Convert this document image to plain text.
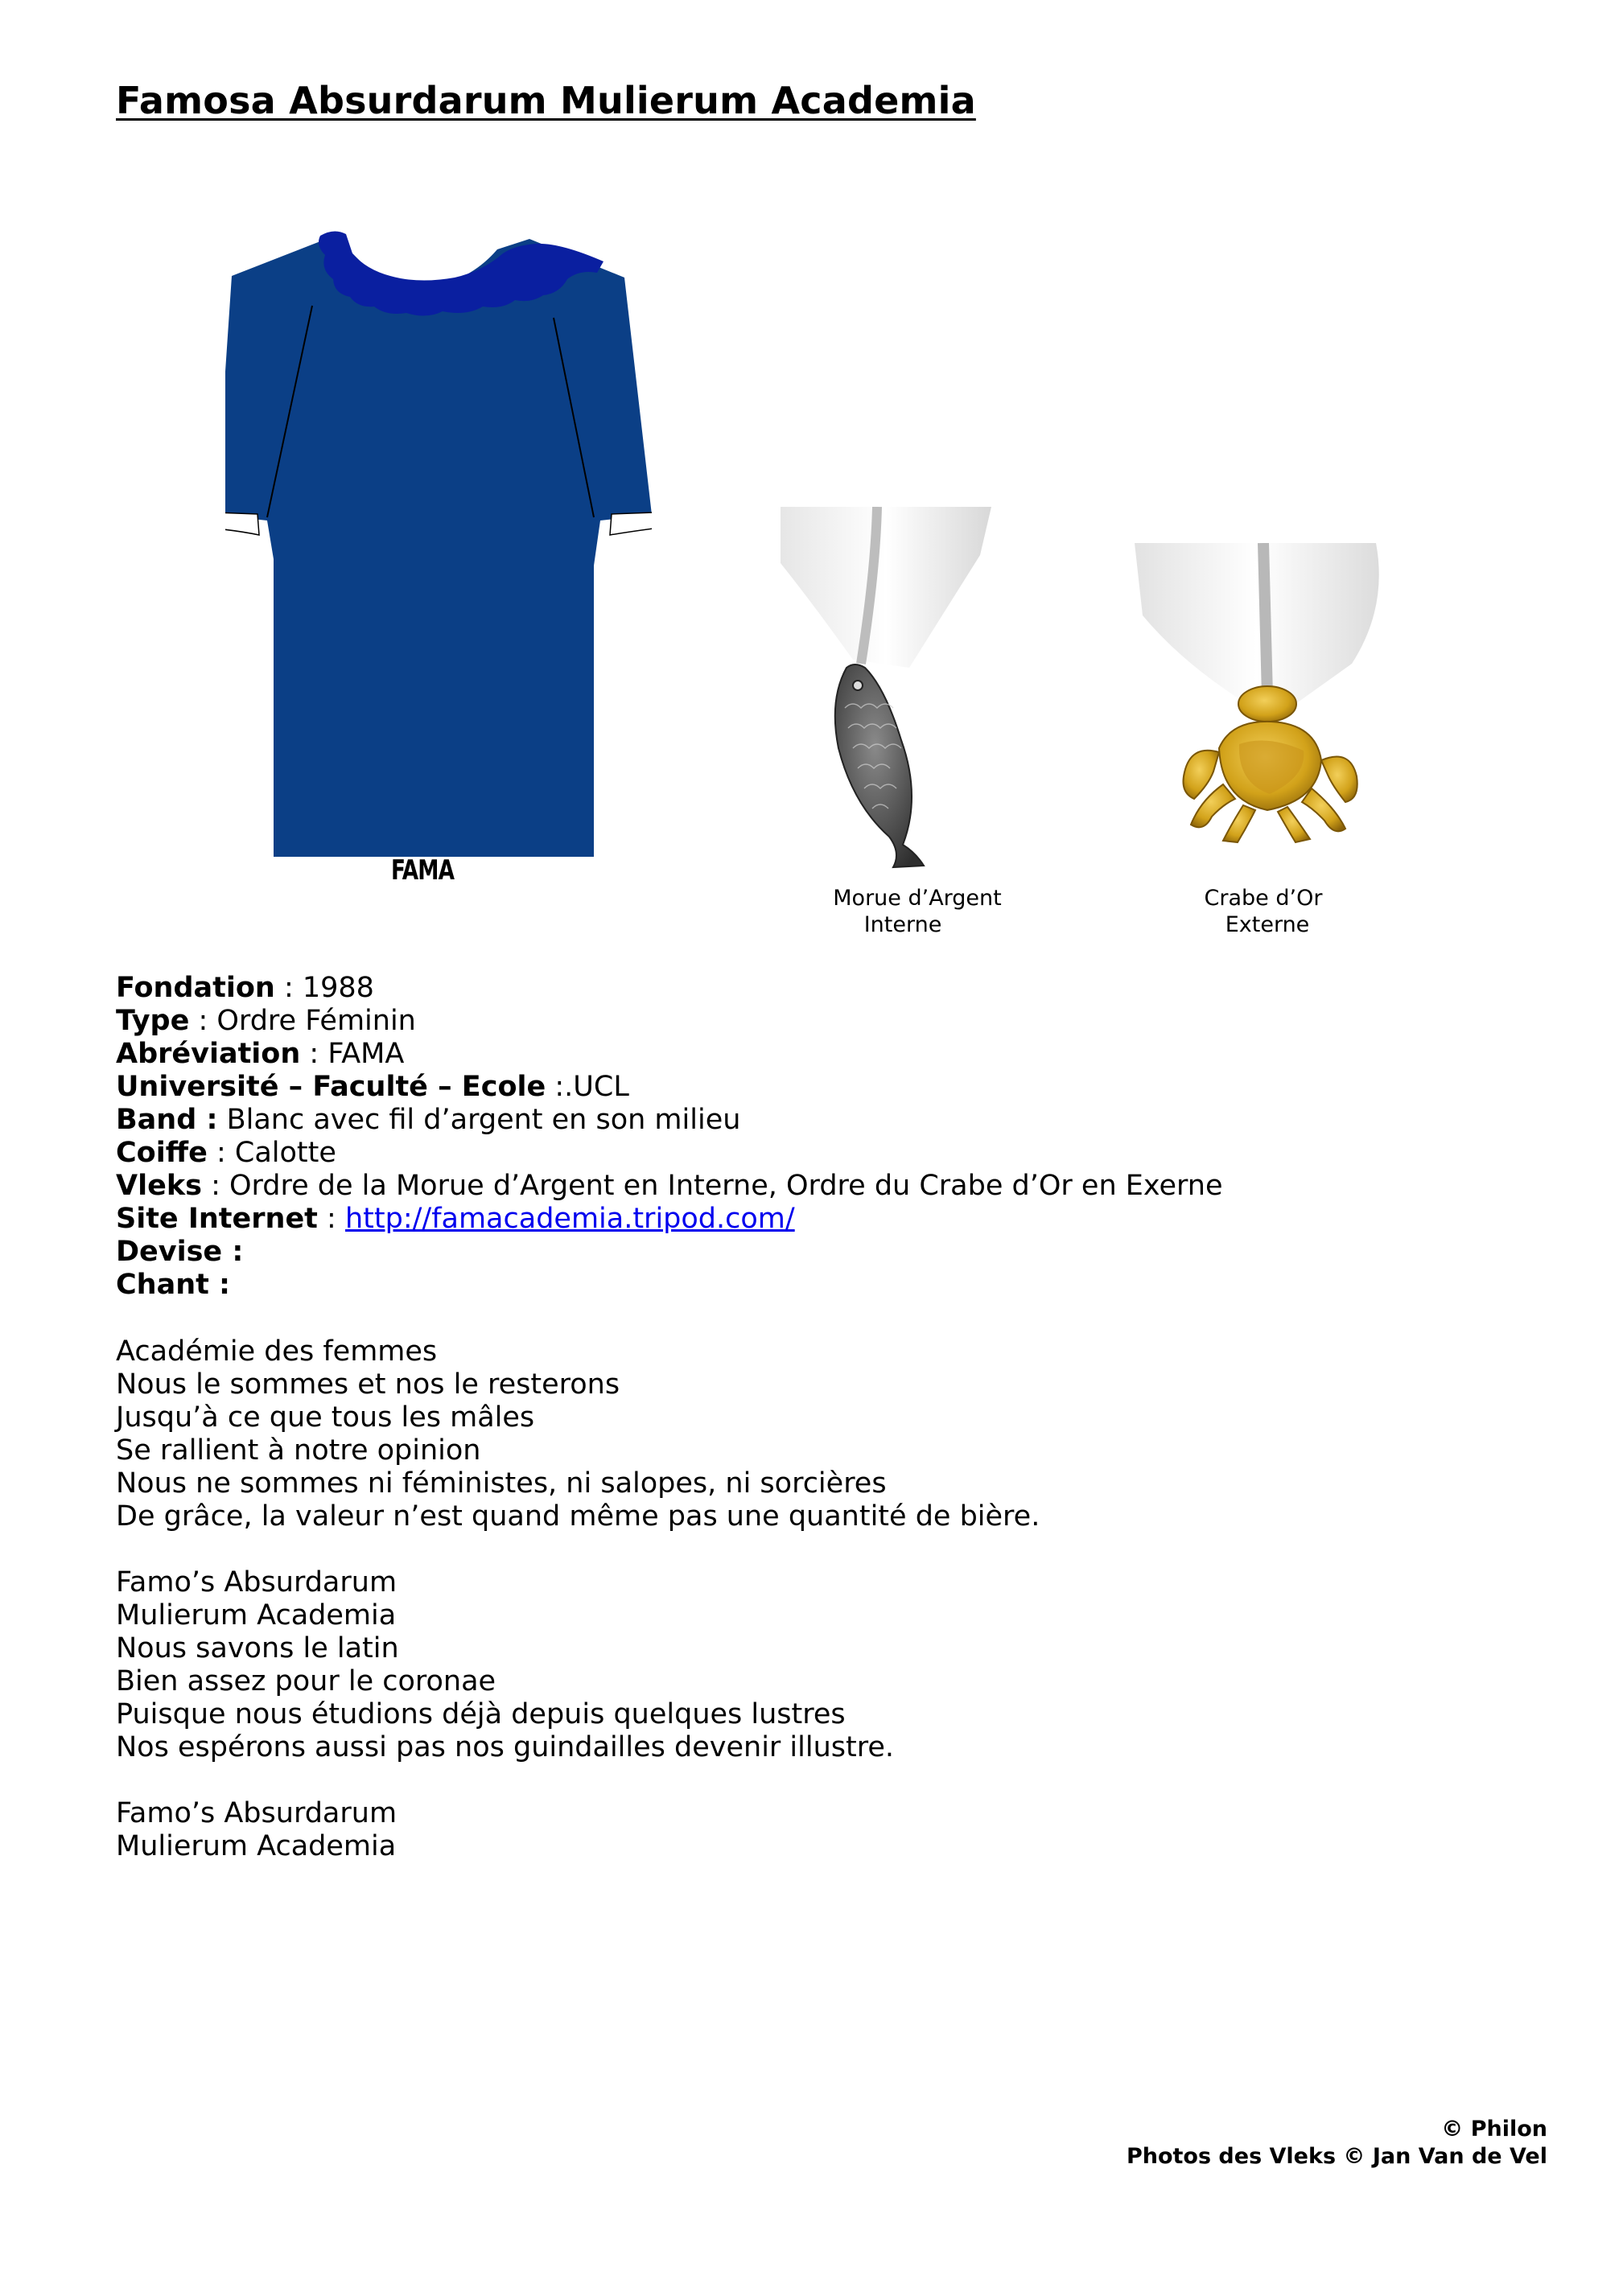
Famosa Absurdarum Mulierum Academia
FAMA
Morue d’Argent
Interne
Crabe d’Or
Externe
Fondation : 1988
Type : Ordre Féminin
Abréviation : FAMA
Université – Faculté – Ecole :.UCL
Band : Blanc avec fil d’argent en son milieu
Coiffe : Calotte
Vleks : Ordre de la Morue d’Argent en Interne, Ordre du Crabe d’Or en Exerne
Site Internet : http://famacademia.tripod.com/
Devise :
Chant :
Académie des femmes
Nous le sommes et nos le resterons
Jusqu’à ce que tous les mâles
Se rallient à notre opinion
Nous ne sommes ni féministes, ni salopes, ni sorcières
De grâce, la valeur n’est quand même pas une quantité de bière.
Famo’s Absurdarum
Mulierum Academia
Nous savons le latin
Bien assez pour le coronae
Puisque nous étudions déjà depuis quelques lustres
Nos espérons aussi pas nos guindailles devenir illustre.
Famo’s Absurdarum
Mulierum Academia
© Philon
Photos des Vleks © Jan Van de Vel
